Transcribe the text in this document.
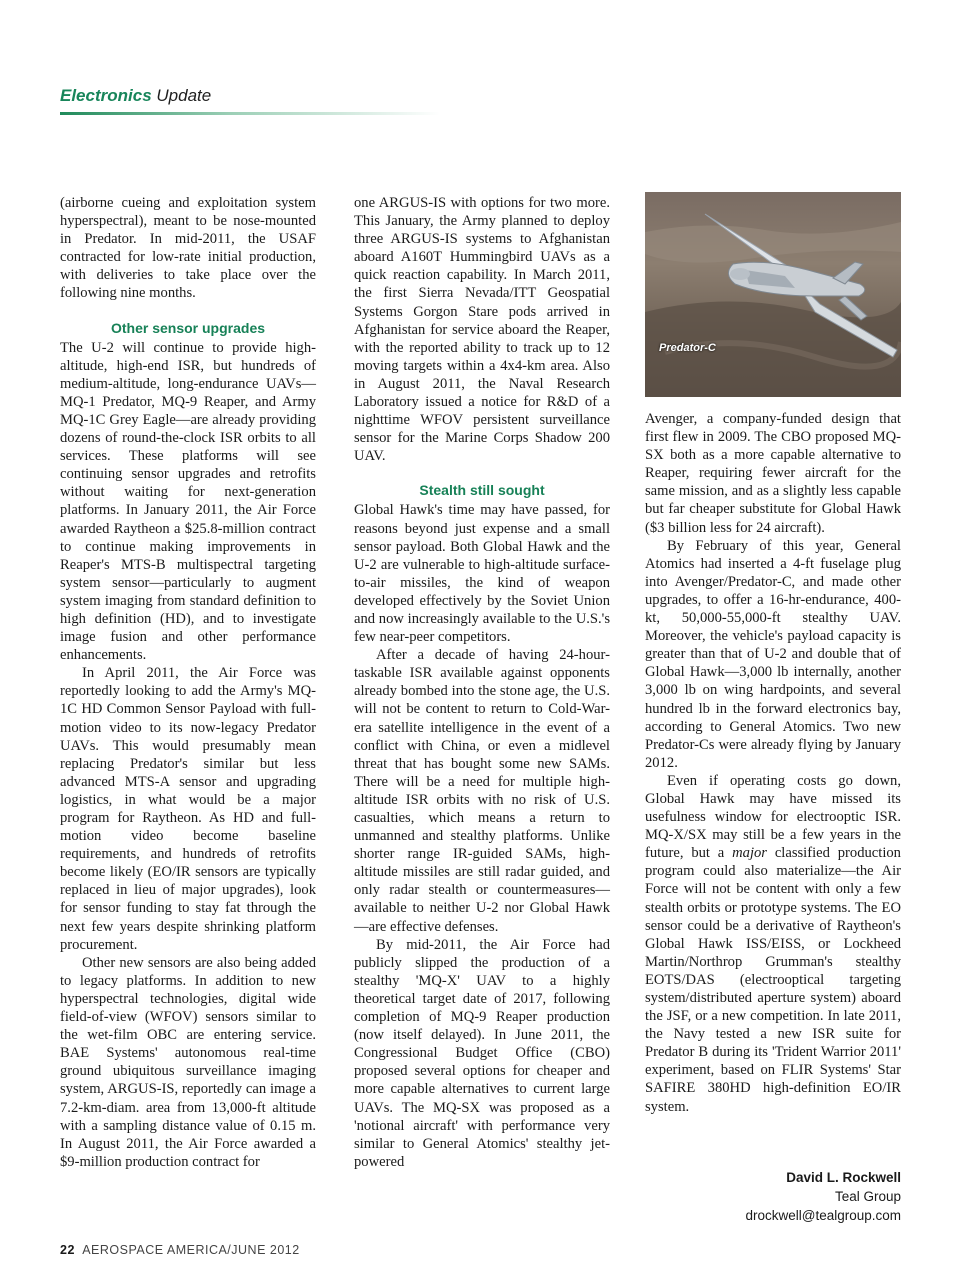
Electronics Update

(airborne cueing and exploitation system hyperspectral), meant to be nose-mounted in Predator. In mid-2011, the USAF contracted for low-rate initial production, with deliveries to take place over the following nine months.

Other sensor upgrades

The U-2 will continue to provide high-altitude, high-end ISR, but hundreds of medium-altitude, long-endurance UAVs—MQ-1 Predator, MQ-9 Reaper, and Army MQ-1C Grey Eagle—are already providing dozens of round-the-clock ISR orbits to all services. These platforms will see continuing sensor upgrades and retrofits without waiting for next-generation platforms. In January 2011, the Air Force awarded Raytheon a $25.8-million contract to continue making improvements in Reaper's MTS-B multispectral targeting system sensor—particularly to augment system imaging from standard definition to high definition (HD), and to investigate image fusion and other performance enhancements.

In April 2011, the Air Force was reportedly looking to add the Army's MQ-1C HD Common Sensor Payload with full-motion video to its now-legacy Predator UAVs. This would presumably mean replacing Predator's similar but less advanced MTS-A sensor and upgrading logistics, in what would be a major program for Raytheon. As HD and full-motion video become baseline requirements, and hundreds of retrofits become likely (EO/IR sensors are typically replaced in lieu of major upgrades), look for sensor funding to stay fat through the next few years despite shrinking platform procurement.

Other new sensors are also being added to legacy platforms. In addition to new hyperspectral technologies, digital wide field-of-view (WFOV) sensors similar to the wet-film OBC are entering service. BAE Systems' autonomous real-time ground ubiquitous surveillance imaging system, ARGUS-IS, reportedly can image a 7.2-km-diam. area from 13,000-ft altitude with a sampling distance value of 0.15 m. In August 2011, the Air Force awarded a $9-million production contract for

one ARGUS-IS with options for two more. This January, the Army planned to deploy three ARGUS-IS systems to Afghanistan aboard A160T Hummingbird UAVs as a quick reaction capability. In March 2011, the first Sierra Nevada/ITT Geospatial Systems Gorgon Stare pods arrived in Afghanistan for service aboard the Reaper, with the reported ability to track up to 12 moving targets within a 4x4-km area. Also in August 2011, the Naval Research Laboratory issued a notice for R&D of a nighttime WFOV persistent surveillance sensor for the Marine Corps Shadow 200 UAV.

Stealth still sought

Global Hawk's time may have passed, for reasons beyond just expense and a small sensor payload. Both Global Hawk and the U-2 are vulnerable to high-altitude surface-to-air missiles, the kind of weapon developed effectively by the Soviet Union and now increasingly available to the U.S.'s few near-peer competitors.

After a decade of having 24-hour-taskable ISR available against opponents already bombed into the stone age, the U.S. will not be content to return to Cold-War-era satellite intelligence in the event of a conflict with China, or even a midlevel threat that has bought some new SAMs. There will be a need for multiple high-altitude ISR orbits with no risk of U.S. casualties, which means a return to unmanned and stealthy platforms. Unlike shorter range IR-guided SAMs, high-altitude missiles are still radar guided, and only radar stealth or countermeasures—available to neither U-2 nor Global Hawk—are effective defenses.

By mid-2011, the Air Force had publicly slipped the production of a stealthy 'MQ-X' UAV to a highly theoretical target date of 2017, following completion of MQ-9 Reaper production (now itself delayed). In June 2011, the Congressional Budget Office (CBO) proposed several options for cheaper and more capable alternatives to current large UAVs. The MQ-SX was proposed as a 'notional aircraft' with performance very similar to General Atomics' stealthy jet-powered

Predator-C

Avenger, a company-funded design that first flew in 2009. The CBO proposed MQ-SX both as a more capable alternative to Reaper, requiring fewer aircraft for the same mission, and as a slightly less capable but far cheaper substitute for Global Hawk ($3 billion less for 24 aircraft).

By February of this year, General Atomics had inserted a 4-ft fuselage plug into Avenger/Predator-C, and made other upgrades, to offer a 16-hr-endurance, 400-kt, 50,000-55,000-ft stealthy UAV. Moreover, the vehicle's payload capacity is greater than that of U-2 and double that of Global Hawk—3,000 lb internally, another 3,000 lb on wing hardpoints, and several hundred lb in the forward electronics bay, according to General Atomics. Two new Predator-Cs were already flying by January 2012.

Even if operating costs go down, Global Hawk may have missed its usefulness window for electrooptic ISR. MQ-X/SX may still be a few years in the future, but a major classified production program could also materialize—the Air Force will not be content with only a few stealth orbits or prototype systems. The EO sensor could be a derivative of Raytheon's Global Hawk ISS/EISS, or Lockheed Martin/Northrop Grumman's stealthy EOTS/DAS (electrooptical targeting system/distributed aperture system) aboard the JSF, or a new competition. In late 2011, the Navy tested a new ISR suite for Predator B during its 'Trident Warrior 2011' experiment, based on FLIR Systems' Star SAFIRE 380HD high-definition EO/IR system.

David L. Rockwell
Teal Group
drockwell@tealgroup.com
22 AEROSPACE AMERICA/JUNE 2012
